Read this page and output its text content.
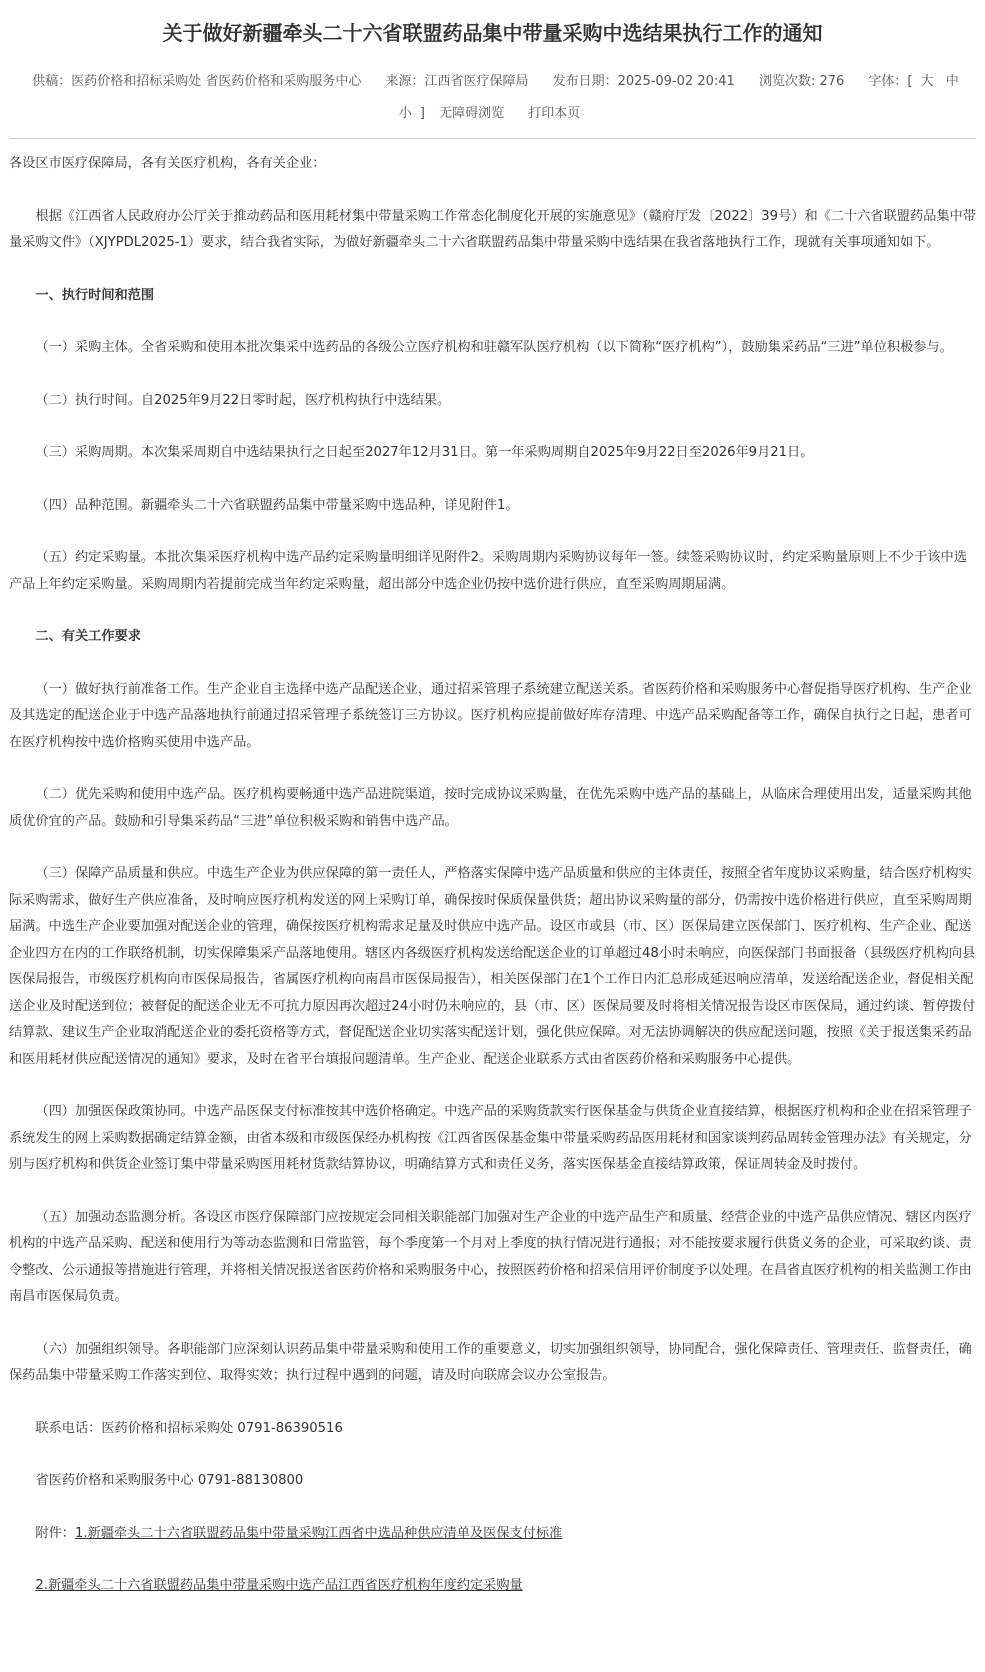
关于做好新疆牵头二十六省联盟药品集中带量采购中选结果执行工作的通知
供稿：医药价格和招标采购处 省医药价格和采购服务中心 来源：江西省医疗保障局 发布日期：2025-09-02 20:41 浏览次数: 276 字体：[ 大 中 小 ] 无障碍浏览 打印本页

各设区市医疗保障局，各有关医疗机构，各有关企业：

根据《江西省人民政府办公厅关于推动药品和医用耗材集中带量采购工作常态化制度化开展的实施意见》（赣府厅发〔2022〕39号）和《二十六省联盟药品集中带量采购文件》（XJYPDL2025-1）要求，结合我省实际，为做好新疆牵头二十六省联盟药品集中带量采购中选结果在我省落地执行工作，现就有关事项通知如下。

一、执行时间和范围

（一）采购主体。全省采购和使用本批次集采中选药品的各级公立医疗机构和驻赣军队医疗机构（以下简称“医疗机构”），鼓励集采药品“三进”单位积极参与。

（二）执行时间。自2025年9月22日零时起，医疗机构执行中选结果。

（三）采购周期。本次集采周期自中选结果执行之日起至2027年12月31日。第一年采购周期自2025年9月22日至2026年9月21日。

（四）品种范围。新疆牵头二十六省联盟药品集中带量采购中选品种，详见附件1。

（五）约定采购量。本批次集采医疗机构中选产品约定采购量明细详见附件2。采购周期内采购协议每年一签。续签采购协议时，约定采购量原则上不少于该中选产品上年约定采购量。采购周期内若提前完成当年约定采购量，超出部分中选企业仍按中选价进行供应，直至采购周期届满。

二、有关工作要求

（一）做好执行前准备工作。生产企业自主选择中选产品配送企业，通过招采管理子系统建立配送关系。省医药价格和采购服务中心督促指导医疗机构、生产企业及其选定的配送企业于中选产品落地执行前通过招采管理子系统签订三方协议。医疗机构应提前做好库存清理、中选产品采购配备等工作，确保自执行之日起，患者可在医疗机构按中选价格购买使用中选产品。

（二）优先采购和使用中选产品。医疗机构要畅通中选产品进院渠道，按时完成协议采购量，在优先采购中选产品的基础上，从临床合理使用出发，适量采购其他质优价宜的产品。鼓励和引导集采药品“三进”单位积极采购和销售中选产品。

（三）保障产品质量和供应。中选生产企业为供应保障的第一责任人，严格落实保障中选产品质量和供应的主体责任，按照全省年度协议采购量，结合医疗机构实际采购需求，做好生产供应准备，及时响应医疗机构发送的网上采购订单，确保按时保质保量供货；超出协议采购量的部分，仍需按中选价格进行供应，直至采购周期届满。中选生产企业要加强对配送企业的管理，确保按医疗机构需求足量及时供应中选产品。设区市或县（市、区）医保局建立医保部门、医疗机构、生产企业、配送企业四方在内的工作联络机制，切实保障集采产品落地使用。辖区内各级医疗机构发送给配送企业的订单超过48小时未响应，向医保部门书面报备（县级医疗机构向县医保局报告，市级医疗机构向市医保局报告，省属医疗机构向南昌市医保局报告），相关医保部门在1个工作日内汇总形成延迟响应清单，发送给配送企业，督促相关配送企业及时配送到位；被督促的配送企业无不可抗力原因再次超过24小时仍未响应的，县（市、区）医保局要及时将相关情况报告设区市医保局，通过约谈、暂停拨付结算款、建议生产企业取消配送企业的委托资格等方式，督促配送企业切实落实配送计划，强化供应保障。对无法协调解决的供应配送问题，按照《关于报送集采药品和医用耗材供应配送情况的通知》要求，及时在省平台填报问题清单。生产企业、配送企业联系方式由省医药价格和采购服务中心提供。

（四）加强医保政策协同。中选产品医保支付标准按其中选价格确定。中选产品的采购货款实行医保基金与供货企业直接结算，根据医疗机构和企业在招采管理子系统发生的网上采购数据确定结算金额，由省本级和市级医保经办机构按《江西省医保基金集中带量采购药品医用耗材和国家谈判药品周转金管理办法》有关规定，分别与医疗机构和供货企业签订集中带量采购医用耗材货款结算协议，明确结算方式和责任义务，落实医保基金直接结算政策，保证周转金及时拨付。

（五）加强动态监测分析。各设区市医疗保障部门应按规定会同相关职能部门加强对生产企业的中选产品生产和质量、经营企业的中选产品供应情况、辖区内医疗机构的中选产品采购、配送和使用行为等动态监测和日常监管，每个季度第一个月对上季度的执行情况进行通报；对不能按要求履行供货义务的企业，可采取约谈、责令整改、公示通报等措施进行管理，并将相关情况报送省医药价格和采购服务中心，按照医药价格和招采信用评价制度予以处理。在昌省直医疗机构的相关监测工作由南昌市医保局负责。

（六）加强组织领导。各职能部门应深刻认识药品集中带量采购和使用工作的重要意义，切实加强组织领导，协同配合，强化保障责任、管理责任、监督责任，确保药品集中带量采购工作落实到位、取得实效；执行过程中遇到的问题，请及时向联席会议办公室报告。

联系电话：医药价格和招标采购处 0791-86390516

省医药价格和采购服务中心 0791-88130800

附件：1.新疆牵头二十六省联盟药品集中带量采购江西省中选品种供应清单及医保支付标准

2.新疆牵头二十六省联盟药品集中带量采购中选产品江西省医疗机构年度约定采购量
